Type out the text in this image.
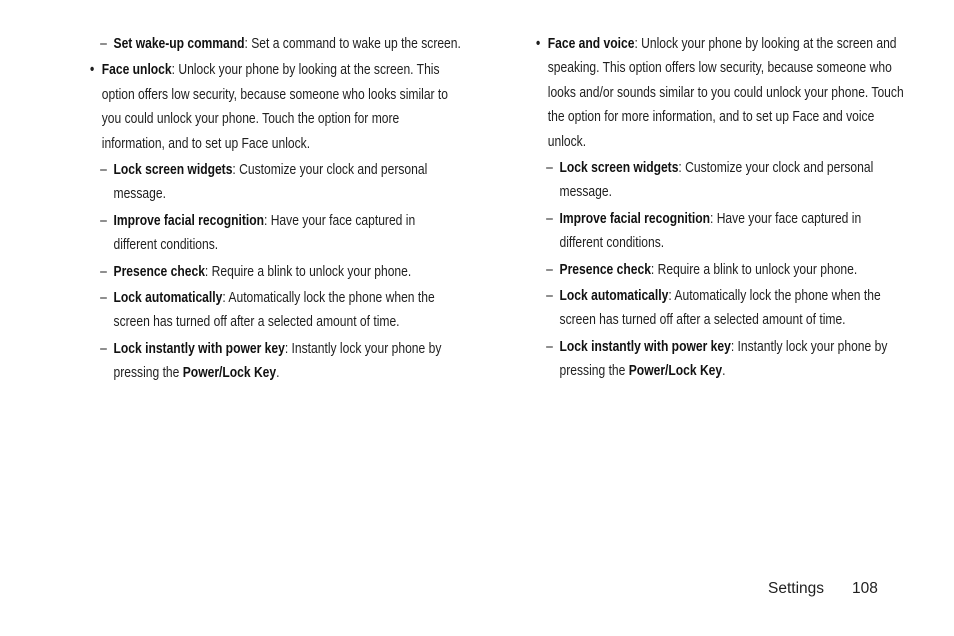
– Set wake-up command: Set a command to wake up the screen.
• Face unlock: Unlock your phone by looking at the screen. This option offers low security, because someone who looks similar to you could unlock your phone. Touch the option for more information, and to set up Face unlock.
– Lock screen widgets: Customize your clock and personal message.
– Improve facial recognition: Have your face captured in different conditions.
– Presence check: Require a blink to unlock your phone.
– Lock automatically: Automatically lock the phone when the screen has turned off after a selected amount of time.
– Lock instantly with power key: Instantly lock your phone by pressing the Power/Lock Key.
• Face and voice: Unlock your phone by looking at the screen and speaking. This option offers low security, because someone who looks and/or sounds similar to you could unlock your phone. Touch the option for more information, and to set up Face and voice unlock.
– Lock screen widgets: Customize your clock and personal message.
– Improve facial recognition: Have your face captured in different conditions.
– Presence check: Require a blink to unlock your phone.
– Lock automatically: Automatically lock the phone when the screen has turned off after a selected amount of time.
– Lock instantly with power key: Instantly lock your phone by pressing the Power/Lock Key.
Settings 108
